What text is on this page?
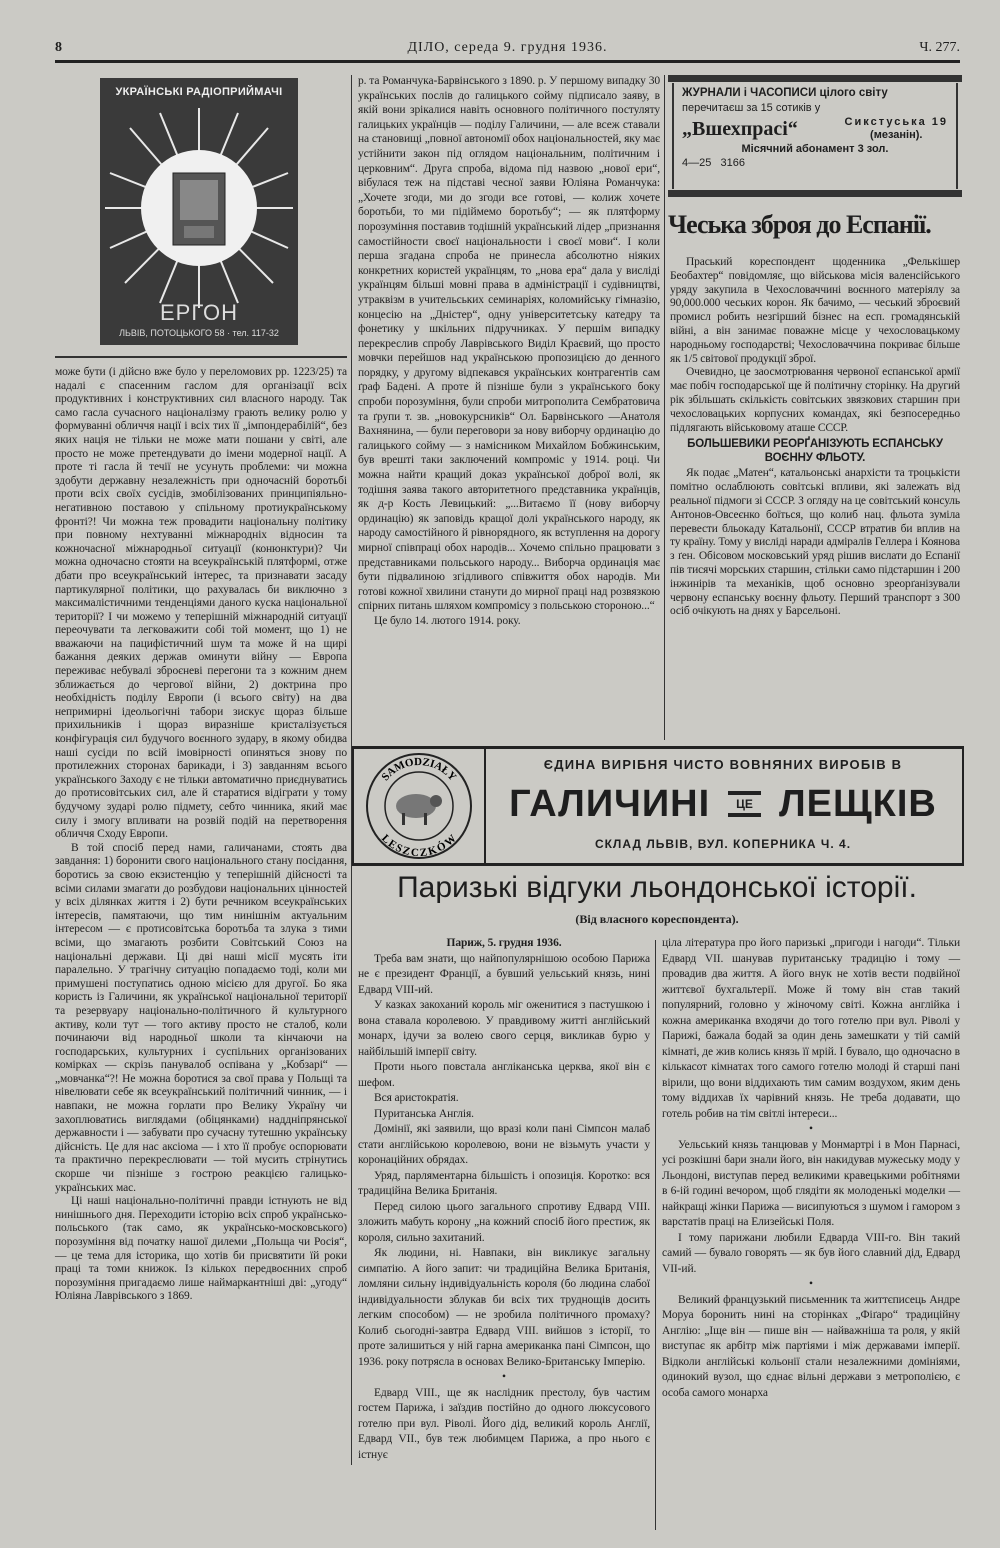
8	ДІЛО, середа 9. грудня 1936.	Ч. 277.
УКРАЇНСЬКІ РАДІОПРИЙМАЧІ
ЕРГОН
ЛЬВІВ, ПОТОЦЬКОГО 58 · тел. 117-32

може бути (і дійсно вже було у переломових рр. 1223/25) та надалі є спасенним гаслом для організації всіх продуктивних і конструктивних сил власного народу. Так само гасла сучасного націоналізму грають велику ролю у формуванні обличчя нації і всіх тих її „імпондерабілій“, без яких нація не тільки не може мати пошани у світі, але просто не може претендувати до імени модерної нації. А проте ті гасла й течії не усунуть проблеми: чи можна здобути державну незалежність при одночасній боротьбі проти всіх своїх сусідів, змобілізованих принципіяльно-негативною поставою у спільному протиукраїнському фронті?! Чи можна теж провадити національну політику при повному нехтуванні міжнародніх відносин та кожночасної міжнародньої ситуації (конюнктури)? Чи можна одночасно стояти на всеукраїнській плятформі, отже дбати про всеукраїнський інтерес, та признавати засаду партикулярної політики, що рахувалась би виключно з максималістичними тенденціями даного куска національної території? І чи можемо у теперішній міжнародній ситуації переочувати та легковажити собі той момент, що 1) не вважаючи на пацифістичний шум та може й на щирі бажання деяких держав оминути війну — Европа переживає небувалі зброєневі перегони та з кожним днем зближається до чергової війни, 2) доктрина про необхідність поділу Европи (і всього світу) на два непримирні ідеольогічні табори зискує щораз більше прихильників і щораз виразніше кристалізується конфігурація сил будучого воєнного зудару, в якому обидва наші сусіди по всій імовірності опиняться знову по протилежних сторонах барикади, і 3) завданням всього українського Заходу є не тільки автоматично приєднуватись до протисовітських сил, але й старатися відіграти у тому будучому зударі ролю підмету, себто чинника, який має силу і змогу впливати на розвій подій на перетворення обличчя Сходу Европи.

В той спосіб перед нами, галичанами, стоять два завдання: 1) боронити свого національного стану посідання, боротись за свою екзистенцію у теперішній дійсності та всіми силами змагати до розбудови національних цінностей у всіх ділянках життя і 2) бути речником всеукраїнських інтересів, памятаючи, що тим нинішнім актуальним інтересом — є протисовітська боротьба та злука з тими всіми, що змагають розбити Совітський Союз на національні держави. Ці дві наші місії мусять іти паралельно. У трагічну ситуацію попадаємо тоді, коли ми примушені поступатись одною місією для другої. Бо яка користь із Галичини, як української національної території та резервуару національно-політичного й культурного активу, коли тут — того активу просто не сталоб, коли починаючи від народньої школи та кінчаючи на господарських, культурних і суспільних організованих комірках — скрізь панувалоб оспівана у „Кобзарі“ — „мовчанка“?! Не можна боротися за свої права у Польщі та нівелювати себе як всеукраїнський політичний чинник, — і навпаки, не можна горлати про Велику Україну чи захоплюватись виглядами (обіцянками) наддніпрянської державности і — забувати про сучасну тутешню українську дійсність. Це для нас аксіома — і хто її пробує оспорювати та практично перекреслювати — той мусить стрінутись скорше чи пізніше з гострою реакцією галицько-українських мас.

Ці наші національно-політичні правди істнують не від нинішнього дня. Переходити історію всіх спроб українсько-польського (так само, як українсько-московського) порозуміння від початку нашої дилеми „Польща чи Росія“,— це тема для історика, що хотів би присвятити їй роки праці та томи книжок. Із кількох передвоєнних спроб порозуміння пригадаємо лише наймаркантніші дві: „угоду“ Юліяна Лаврівського з 1869.

р. та Романчука-Барвінського з 1890. р. У першому випадку 30 українських послів до галицького сойму підписало заяву, в якій вони зрікалися навіть основного політичного постуляту галицьких українців — поділу Галичини, — але всеж ставали на становищі „повної автономії обох національностей, яку має устійнити закон під оглядом національним, політичним і церковним“. Друга спроба, відома під назвою „нової ери“, вібулася теж на підставі чесної заяви Юліяна Романчука: „Хочете згоди, ми до згоди все готові, — колиж хочете боротьби, то ми підіймемо боротьбу“; — як плятформу порозуміння поставив тодішній український лідер „признання самостійности своєї національности і своєї мови“. І коли перша згадана спроба не принесла абсолютно ніяких конкретних користей українцям, то „нова ера“ дала у висліді українцям більші мовні права в адміністрації і судівництві, утраквізм в учительських семинаріях, коломийську гімназію, концесію на „Дністер“, одну університетську катедру та фонетику у шкільних підручниках. У першім випадку перекреслив спробу Лаврівського Виділ Краєвий, що просто мовчки перейшов над українською пропозицією до денного порядку, у другому відпекався українських контрагентів сам ґраф Бадені. А проте й пізніше були з українського боку спроби порозуміння, були спроби митрополита Сембратовича та ґрупи т. зв. „новокурсників“ Ол. Барвінського —Анатоля Вахнянина, — були переговори за нову виборчу ординацію до галицького сойму — з намісником Михайлом Бобжинським, був врешті таки заключений компроміс у 1914. році. Чи можна найти кращий доказ української доброї волі, як тодішня заява такого авторитетного представника українців, як д-р Кость Левицький: „...Витаємо її (нову виборчу ординацію) як заповідь кращої долі українського народу, як народу самостійного й рівнорядного, як вступлення на дорогу мирної співпраці обох народів... Хочемо спільно працювати з представниками польського народу... Виборча ординація має бути підвалиною згідливого співжиття обох народів. Ми готові кожної хвилини станути до мирної праці над розвязкою спірних питань шляхом компромісу з польською стороною...“

Це було 14. лютого 1914. року.

ЖУРНАЛИ і ЧАСОПИСИ цілого світу
перечитаєш за 15 сотиків у
„Вшехпрасі“	Сикстуська 19
(мезанін).
Місячний абонамент 3 зол.
4—25   3166
Чеська зброя до Еспанії.

Праський кореспондент щоденника „Фелькішер Беобахтер“ повідомляє, що військова місія валенсійського уряду закупила в Чехословаччині воєнного матеріялу за 90,000.000 чеських корон. Як бачимо, — чеський зброєвий промисл робить незгірший бізнес на есп. громадянській війні, а він занимає поважне місце у чехословацькому народньому господарстві; Чехословаччина покриває більше як 1/5 світової продукції зброї.

Очевидно, це заосмотрювання червоної еспанської армії має побіч господарської ще й політичну сторінку. На другий рік збільшать скількість совітських звязкових старшин при чехословацьких корпусних командах, які безпосередньо підлягають військовому аташе СССР.

БОЛЬШЕВИКИ РЕОРҐАНІЗУЮТЬ ЕСПАНСЬКУ ВОЄННУ ФЛЬОТУ.

Як подає „Матен“, катальонські анархісти та троцькісти помітно ослаблюють совітські впливи, які залежать від реальної підмоги зі СССР. З огляду на це совітський консуль Антонов-Овсеєнко боїться, що колиб нац. фльота зуміла перевести бльокаду Катальонії, СССР втратив би вплив на ту країну. Тому у висліді наради адміралів Геллера і Коянова з ґен. Обісовом московський уряд рішив вислати до Еспанії пів тисячі морських старшин, стільки само підстаршин і 200 інжинірів та механіків, щоб основно зреорґанізували червону еспанську воєнну фльоту. Перший транспорт з 300 осіб очікують на днях у Барсельоні.

SAMODZIAŁY
LESZCZKÓW
ЄДИНА ВИРІБНЯ ЧИСТО ВОВНЯНИХ ВИРОБІВ В
ГАЛИЧИНІ	ЦЕ ЛЕЩКІВ
СКЛАД ЛЬВІВ, ВУЛ. КОПЕРНИКА Ч. 4.
Паризькі відгуки льондонської історії.
(Від власного кореспондента).

Париж, 5. грудня 1936.

Треба вам знати, що найпопулярнішою особою Парижа не є президент Франції, а бувший уельський князь, нині Едвард VIII-ий.

У казках закоханий король міг оженитися з пастушкою і вона ставала королевою. У правдивому житті англійський монарх, ідучи за волею свого серця, викликав бурю у найбільшій імперії світу.

Проти нього повстала англіканська церква, якої він є шефом.

Вся аристократія.

Пуританська Англія.

Домінії, які заявили, що вразі коли пані Сімпсон малаб стати англійською королевою, вони не візьмуть участи у коронаційних обрядах.

Уряд, парляментарна більшість і опозиція. Коротко: вся традиційна Велика Британія.

Перед силою цього загального спротиву Едвард VIII. зложить мабуть корону „на кожний спосіб його престиж, як короля, сильно захитаний.

Як людини, ні. Навпаки, він викликує загальну симпатію. А його запит: чи традиційна Велика Британія, ломляни сильну індивідуальність короля (бо людина слабої індивідуальности зблукав би всіх тих труднощів досить легким способом) — не зробила політичного промаху? Колиб сьогодні-завтра Едвард VIII. вийшов з історії, то проте залишиться у ній гарна американка пані Сімпсон, що 1936. року потрясла в основах Велико-Британську Імперію.

•

Едвард VIII., ще як наслідник престолу, був частим гостем Парижа, і заїздив постійно до одного люксусового готелю при вул. Ріволі. Його дід, великий король Англії, Едвард VII., був теж любимцем Парижа, а про нього є істнує

ціла література про його паризькі „пригоди і нагоди“. Тільки Едвард VII. шанував пуританську традицію і тому — провадив два життя. А його внук не хотів вести подвійної життєвої бухгальтерії. Може й тому він став такий популярний, головно у жіночому світі. Кожна англійка і кожна американка входячи до того готелю при вул. Ріволі у Парижі, бажала бодай за один день замешкати у тій самій кімнаті, де жив колись князь її мрій. І бувало, що одночасно в кількасот кімнатах того самого готелю молоді й старші пані вірили, що вони віддихають тим самим воздухом, яким день тому віддихав їх чарівний князь. Не треба додавати, що готель робив на тім світлі інтереси...

•

Уельський князь танцював у Монмартрі і в Мон Парнасі, усі розкішні бари знали його, він накидував мужеську моду у Льондоні, виступав перед великими кравецькими робітнями в 6-ій годині вечором, щоб глядіти як молоденькі моделки — найкращі жінки Парижа — висипуються з шумом і гамором з варстатів праці на Елизейські Поля.

І тому парижани любили Едварда VIII-го. Він такий самий — бувало говорять — як був його славний дід, Едвард VII-ий.

•

Великий французький письменник та життєписець Андре Моруа боронить нині на сторінках „Фіґаро“ традиційну Англію: „Іще він — пише він — найважніша та роля, у якій виступає як арбітр між партіями і між державами імперії. Відколи англійські кольонії стали незалежними домініями, одинокий вузол, що єднає вільні держави з метрополією, є особа самого монарха
